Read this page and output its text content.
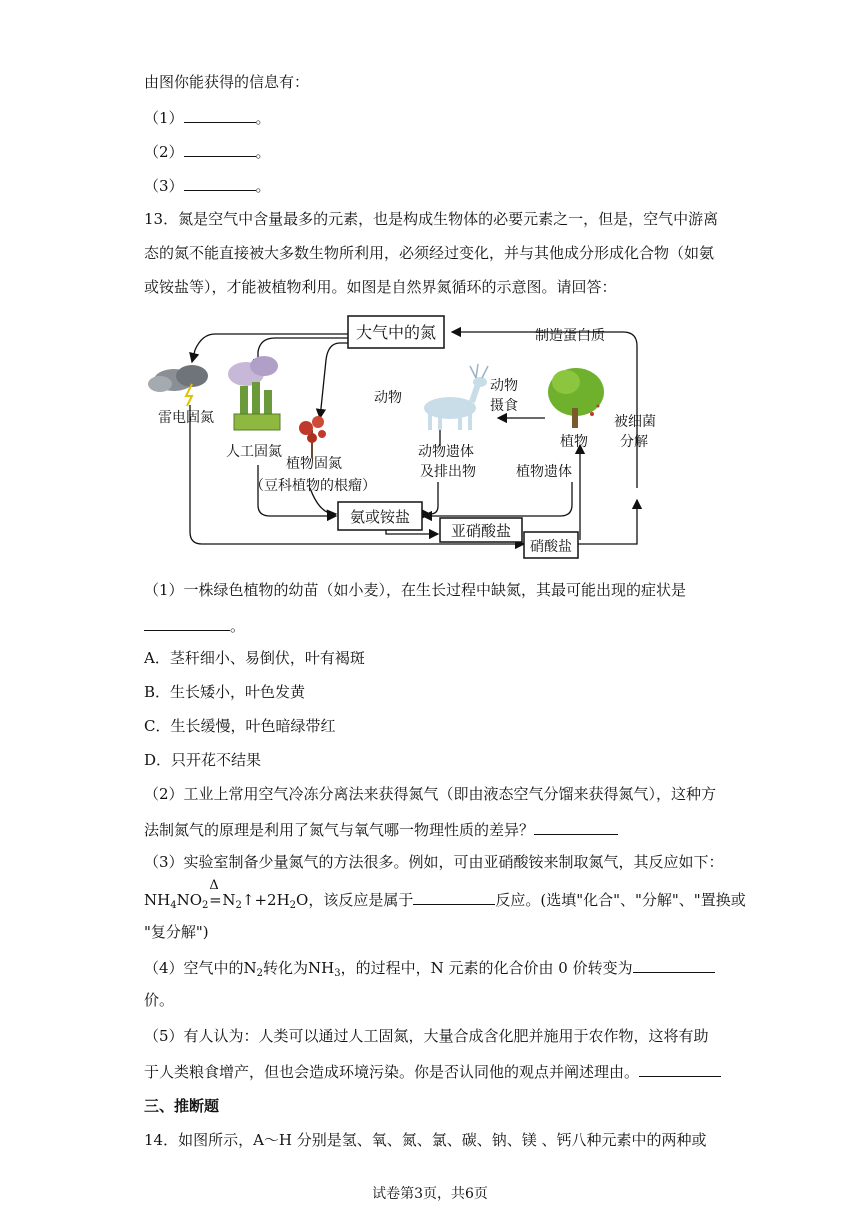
由图你能获得的信息有：
（1）	。
（2）	。
（3）	。
13．氮是空气中含量最多的元素，也是构成生物体的必要元素之一，但是，空气中游离
态的氮不能直接被大多数生物所利用，必须经过变化，并与其他成分形成化合物（如氨
或铵盐等），才能被植物利用。如图是自然界氮循环的示意图。请回答：
大气中的氮
氨或铵盐
亚硝酸盐
硝酸盐
制造蛋白质
雷电固氮
人工固氮
植物固氮
（豆科植物的根瘤）
动物
动物
摄食
植物
被细菌
分解
动物遗体
及排出物	植物遗体
（1）一株绿色植物的幼苗（如小麦），在生长过程中缺氮，其最可能出现的症状是
。
A．茎秆细小、易倒伏，叶有褐斑
B．生长矮小，叶色发黄
C．生长缓慢，叶色暗绿带红
D．只开花不结果
（2）工业上常用空气冷冻分离法来获得氮气（即由液态空气分馏来获得氮气），这种方
法制氮气的原理是利用了氮气与氧气哪一物理性质的差异？
（3）实验室制备少量氮气的方法很多。例如，可由亚硝酸铵来制取氮气，其反应如下：
$NH_4NO_2$
Δ
$=N_2↑+2H_2O$，该反应是属于	反应。(选填"化合"、"分解"、"置换或
"复分解")
（4）空气中的$N_2$转化为$NH_3$，的过程中，N 元素的化合价由 0 价转变为
价。
（5）有人认为：人类可以通过人工固氮，大量合成含化肥并施用于农作物，这将有助
于人类粮食增产，但也会造成环境污染。你是否认同他的观点并阐述理由。
三、推断题
14．如图所示，A～H 分别是氢、氧、氮、氯、碳、钠、镁 、钙八种元素中的两种或
试卷第3页，共6页
